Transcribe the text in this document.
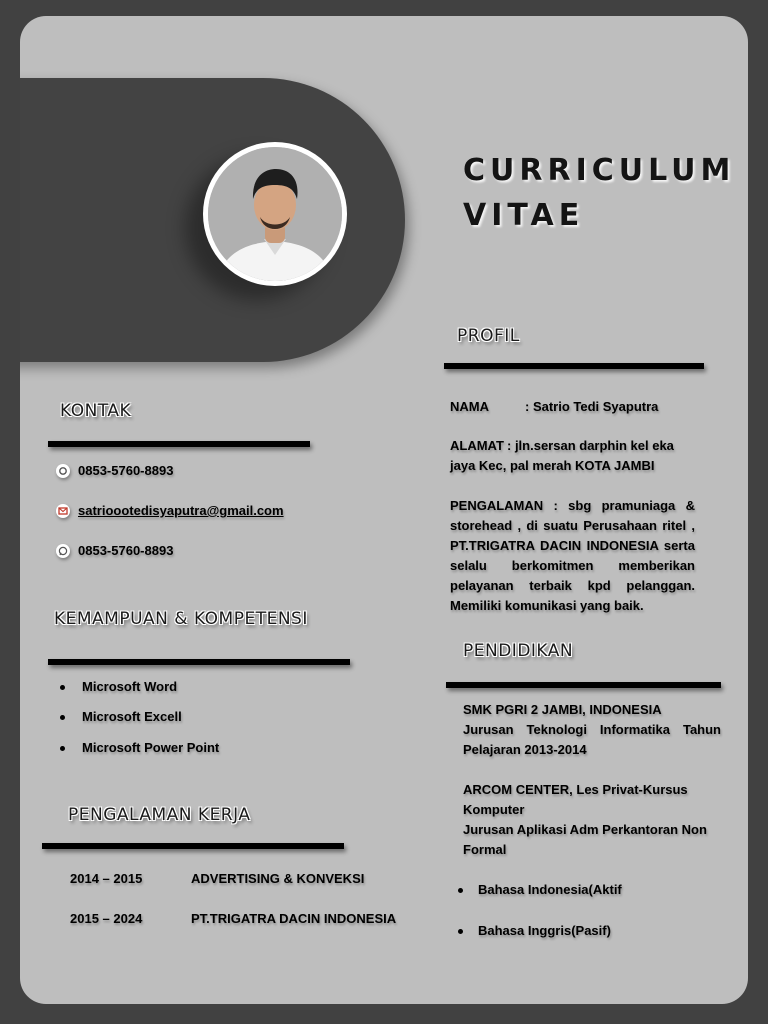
CURRICULUM
VITAE
PROFIL
NAMA	: Satrio Tedi Syaputra
ALAMAT : jln.sersan darphin kel eka
jaya Kec, pal merah KOTA JAMBI
PENGALAMAN : sbg pramuniaga & storehead , di suatu Perusahaan ritel , PT.TRIGATRA DACIN INDONESIA serta selalu berkomitmen memberikan pelayanan terbaik kpd pelanggan. Memiliki komunikasi yang baik.
KONTAK
0853-5760-8893
satrioootedisyaputra@gmail.com
0853-5760-8893
KEMAMPUAN & KOMPETENSI
Microsoft Word
Microsoft Excell
Microsoft Power Point
PENGALAMAN KERJA
2014 – 2015	ADVERTISING & KONVEKSI
2015 – 2024	PT.TRIGATRA DACIN INDONESIA
PENDIDIKAN
SMK PGRI 2 JAMBI, INDONESIA
Jurusan Teknologi Informatika Tahun Pelajaran 2013-2014
ARCOM CENTER, Les Privat-Kursus Komputer
Jurusan Aplikasi Adm Perkantoran Non Formal
Bahasa Indonesia(Aktif
Bahasa Inggris(Pasif)
